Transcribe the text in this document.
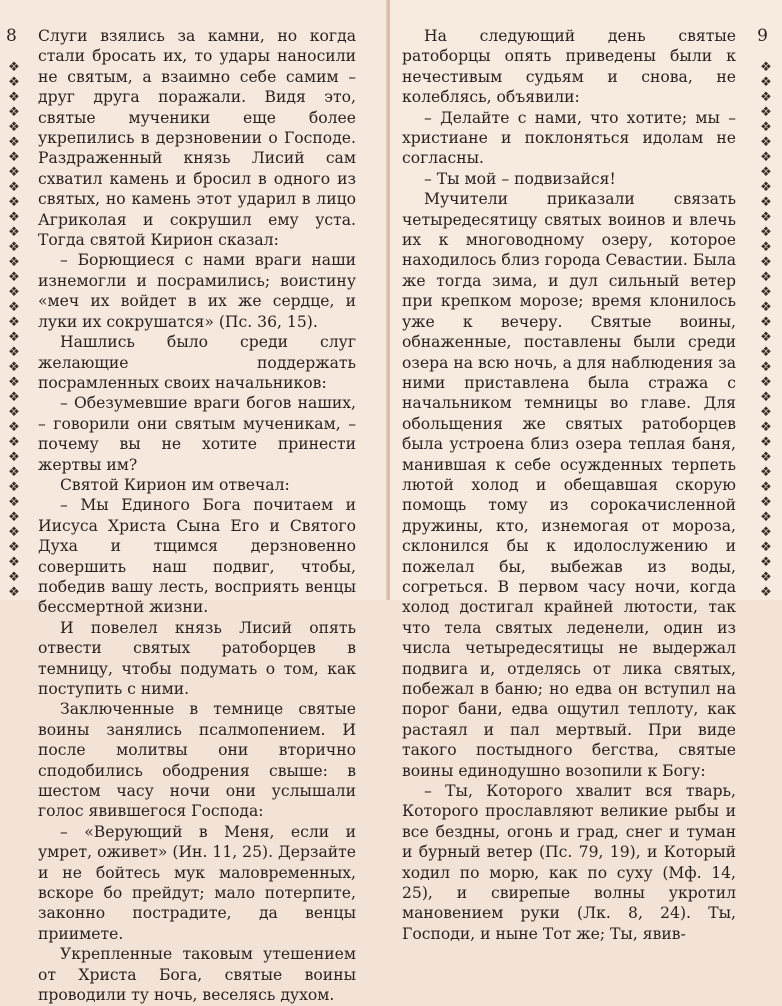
8
❖
❖
❖
❖
❖
❖
❖
❖
❖
❖
❖
❖
❖
❖
❖
❖
❖
❖
❖
❖
❖
❖
❖
❖
❖
❖
❖
❖
❖
❖
❖
❖
❖
❖
❖
❖

Слуги взялись за камни, но когда стали бросать их, то удары наносили не святым, а взаимно себе самим – друг друга поражали. Видя это, святые мученики еще более укрепились в дерзновении о Господе. Раздраженный князь Лисий сам схватил камень и бросил в одного из святых, но камень этот ударил в лицо Агриколая и сокрушил ему уста. Тогда святой Кирион сказал:

– Борющиеся с нами враги наши изнемогли и посрамились; воистину «меч их войдет в их же сердце, и луки их сокрушатся» (Пс. 36, 15).

Нашлись было среди слуг желающие поддержать посрамленных своих начальников:

– Обезумевшие враги богов наших, – говорили они святым мученикам, – почему вы не хотите принести жертвы им?

Святой Кирион им отвечал:

– Мы Единого Бога почитаем и Иисуса Христа Сына Его и Святого Духа и тщимся дерзновенно совершить наш подвиг, чтобы, победив вашу лесть, восприять венцы бессмертной жизни.

И повелел князь Лисий опять отвести святых ратоборцев в темницу, чтобы подумать о том, как поступить с ними.

Заключенные в темнице святые воины занялись псалмопением. И после молитвы они вторично сподобились ободрения свыше: в шестом часу ночи они услышали голос явившегося Господа:

– «Верующий в Меня, если и умрет, оживет» (Ин. 11, 25). Дерзайте и не бойтесь мук маловременных, вскоре бо прейдут; мало потерпите, законно пострадите, да венцы приимете.

Укрепленные таковым утешением от Христа Бога, святые воины проводили ту ночь, веселясь духом.

9
❖
❖
❖
❖
❖
❖
❖
❖
❖
❖
❖
❖
❖
❖
❖
❖
❖
❖
❖
❖
❖
❖
❖
❖
❖
❖
❖
❖
❖
❖
❖
❖
❖
❖
❖
❖

На следующий день святые ратоборцы опять приведены были к нечестивым судьям и снова, не колеблясь, объявили:

– Делайте с нами, что хотите; мы – христиане и поклоняться идолам не согласны.

– Ты мой – подвизайся!

Мучители приказали связать четыредесятицу святых воинов и влечь их к многоводному озеру, которое находилось близ города Севастии. Была же тогда зима, и дул сильный ветер при крепком морозе; время клонилось уже к вечеру. Святые воины, обнаженные, поставлены были среди озера на всю ночь, а для наблюдения за ними приставлена была стража с начальником темницы во главе. Для обольщения же святых ратоборцев была устроена близ озера теплая баня, манившая к себе осужденных терпеть лютой холод и обещавшая скорую помощь тому из сорокачисленной дружины, кто, изнемогая от мороза, склонился бы к идолослужению и пожелал бы, выбежав из воды, согреться. В первом часу ночи, когда холод достигал крайней лютости, так что тела святых леденели, один из числа четыредесятицы не выдержал подвига и, отделясь от лика святых, побежал в баню; но едва он вступил на порог бани, едва ощутил теплоту, как растаял и пал мертвый. При виде такого постыдного бегства, святые воины единодушно возопили к Богу:

– Ты, Которого хвалит вся тварь, Которого прославляют великие рыбы и все бездны, огонь и град, снег и туман и бурный ветер (Пс. 79, 19), и Который ходил по морю, как по суху (Мф. 14, 25), и свирепые волны укротил мановением руки (Лк. 8, 24). Ты, Господи, и ныне Тот же; Ты, явив-
